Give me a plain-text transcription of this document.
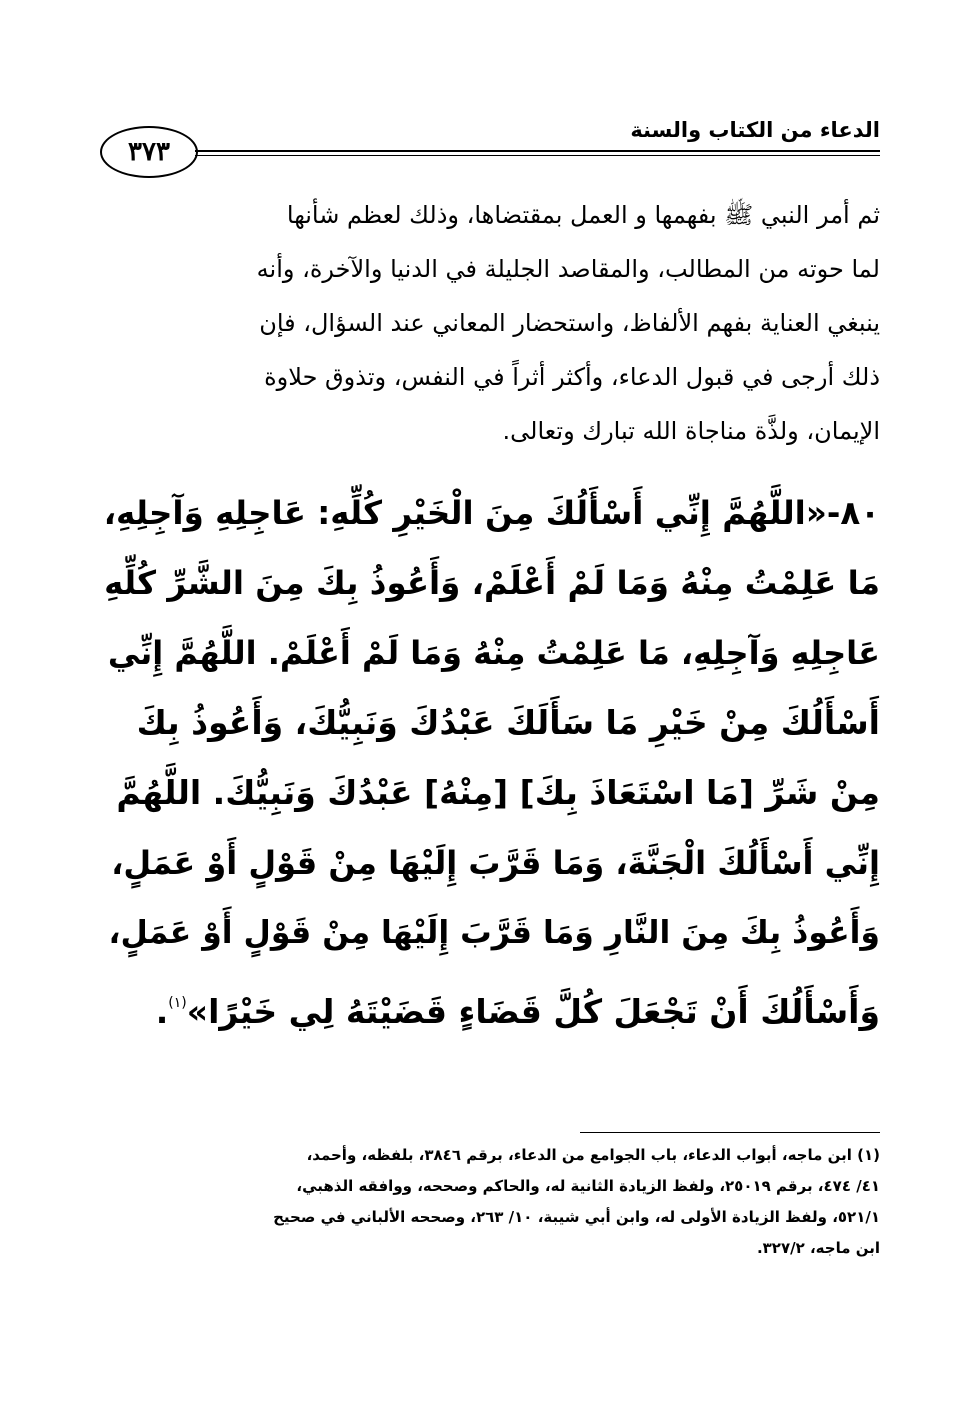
الدعاء من الكتاب والسنة
٣٧٣
ثم أمر النبي ﷺ بفهمها و العمل بمقتضاها، وذلك لعظم شأنها
لما حوته من المطالب، والمقاصد الجليلة في الدنيا والآخرة، وأنه
ينبغي العناية بفهم الألفاظ، واستحضار المعاني عند السؤال، فإن
ذلك أرجى في قبول الدعاء، وأكثر أثراً في النفس، وتذوق حلاوة
الإيمان، ولذَّة مناجاة الله تبارك وتعالى.
٨٠-«اللَّهُمَّ إِنِّي أَسْأَلُكَ مِنَ الْخَيْرِ كُلِّهِ: عَاجِلِهِ وَآجِلِهِ،
مَا عَلِمْتُ مِنْهُ وَمَا لَمْ أَعْلَمْ، وَأَعُوذُ بِكَ مِنَ الشَّرِّ كُلِّهِ
عَاجِلِهِ وَآجِلِهِ، مَا عَلِمْتُ مِنْهُ وَمَا لَمْ أَعْلَمْ. اللَّهُمَّ إِنِّي
أَسْأَلُكَ مِنْ خَيْرِ مَا سَأَلَكَ عَبْدُكَ وَنَبِيُّكَ، وَأَعُوذُ بِكَ
مِنْ شَرِّ [مَا اسْتَعَاذَ بِكَ] [مِنْهُ] عَبْدُكَ وَنَبِيُّكَ. اللَّهُمَّ
إِنِّي أَسْأَلُكَ الْجَنَّةَ، وَمَا قَرَّبَ إِلَيْهَا مِنْ قَوْلٍ أَوْ عَمَلٍ،
وَأَعُوذُ بِكَ مِنَ النَّارِ وَمَا قَرَّبَ إِلَيْهَا مِنْ قَوْلٍ أَوْ عَمَلٍ،
وَأَسْأَلُكَ أَنْ تَجْعَلَ كُلَّ قَضَاءٍ قَضَيْتَهُ لِي خَيْرًا»$^{(١)}$.
(١) ابن ماجه، أبواب الدعاء، باب الجوامع من الدعاء، برقم ٣٨٤٦، بلفظه، وأحمد،
٤١/ ٤٧٤، برقم ٢٥٠١٩، ولفظ الزيادة الثانية له، والحاكم وصححه، ووافقه الذهبي،
٥٢١/١، ولفظ الزيادة الأولى له، وابن أبي شيبة، ١٠/ ٢٦٣، وصححه الألباني في صحيح
ابن ماجه، ٣٢٧/٢.
